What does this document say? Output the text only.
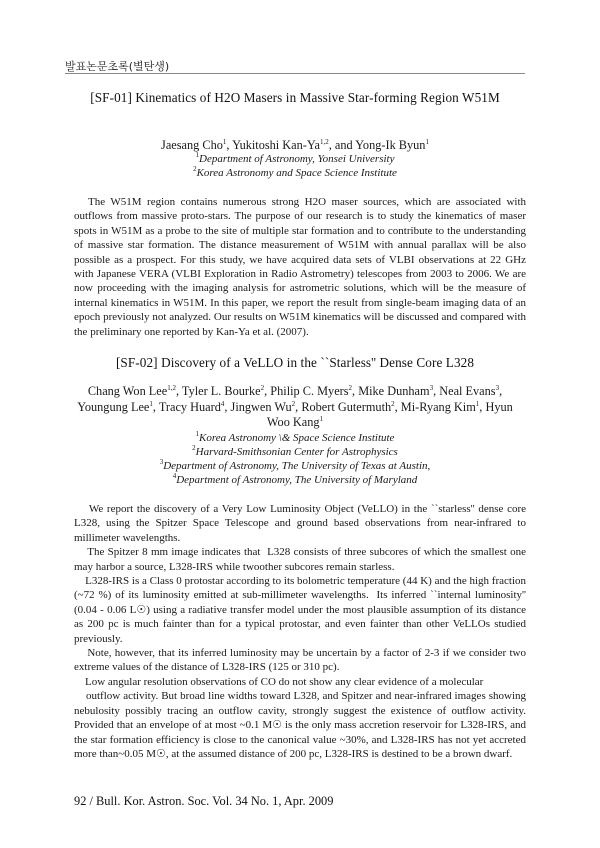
발표논문초록(별탄생)
[SF-01] Kinematics of H2O Masers in Massive Star-forming Region W51M
Jaesang Cho$^1$, Yukitoshi Kan-Ya$^{1,2}$, and Yong-Ik Byun$^1$
$^1$Department of Astronomy, Yonsei University
$^2$Korea Astronomy and Space Science Institute

The W51M region contains numerous strong H2O maser sources, which are associated with outflows from massive proto-stars. The purpose of our research is to study the kinematics of maser spots in W51M as a probe to the site of multiple star formation and to contribute to the understanding of massive star formation. The distance measurement of W51M with annual parallax will be also possible as a prospect. For this study, we have acquired data sets of VLBI observations at 22 GHz with Japanese VERA (VLBI Exploration in Radio Astrometry) telescopes from 2003 to 2006. We are now proceeding with the imaging analysis for astrometric solutions, which will be the measure of internal kinematics in W51M. In this paper, we report the result from single-beam imaging data of an epoch previously not analyzed. Our results on W51M kinematics will be discussed and compared with the preliminary one reported by Kan-Ya et al. (2007).

[SF-02] Discovery of a VeLLO in the ``Starless'' Dense Core L328
Chang Won Lee$^{1,2}$, Tyler L. Bourke$^2$, Philip C. Myers$^2$, Mike Dunham$^3$, Neal Evans$^3$, Youngung Lee$^1$, Tracy Huard$^4$, Jingwen Wu$^2$, Robert Gutermuth$^2$, Mi-Ryang Kim$^1$, Hyun Woo Kang$^1$
$^1$Korea Astronomy \& Space Science Institute
$^2$Harvard-Smithsonian Center for Astrophysics
$^3$Department of Astronomy, The University of Texas at Austin,
$^4$Department of Astronomy, The University of Maryland

We report the discovery of a Very Low Luminosity Object (VeLLO) in the ``starless'' dense core L328, using the Spitzer Space Telescope and ground based observations from near-infrared to millimeter wavelengths.

The Spitzer 8 mm image indicates that  L328 consists of three subcores of which the smallest one may harbor a source, L328-IRS while twoother subcores remain starless.

L328-IRS is a Class 0 protostar according to its bolometric temperature (44 K) and the high fraction (~72 %) of its luminosity emitted at sub-millimeter wavelengths.  Its inferred ``internal luminosity'' (0.04 - 0.06 L☉) using a radiative transfer model under the most plausible assumption of its distance as 200 pc is much fainter than for a typical protostar, and even fainter than other VeLLOs studied previously.

Note, however, that its inferred luminosity may be uncertain by a factor of 2-3 if we consider two extreme values of the distance of L328-IRS (125 or 310 pc).

Low angular resolution observations of CO do not show any clear evidence of a molecular

outflow activity. But broad line widths toward L328, and Spitzer and near-infrared images showing nebulosity possibly tracing an outflow cavity, strongly suggest the existence of outflow activity.  Provided that an envelope of at most ~0.1 M☉ is the only mass accretion reservoir for L328-IRS, and the star formation efficiency is close to the canonical value ~30%, and L328-IRS has not yet accreted more than~0.05 M☉, at the assumed distance of 200 pc, L328-IRS is destined to be a brown dwarf.

92 / Bull. Kor. Astron. Soc. Vol. 34 No. 1, Apr. 2009
